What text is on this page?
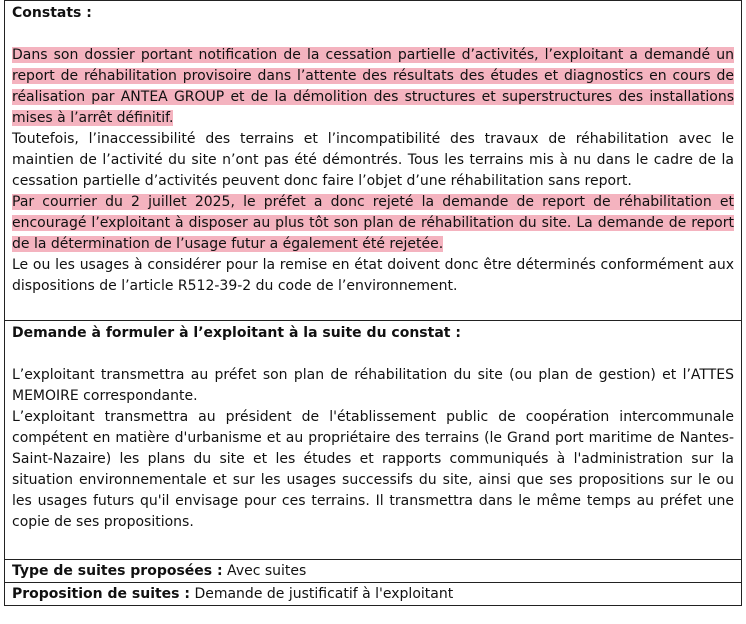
Constats :

Dans son dossier portant notification de la cessation partielle d’activités, l’exploitant a demandé un report de réhabilitation provisoire dans l’attente des résultats des études et diagnostics en cours de réalisation par ANTEA GROUP et de la démolition des structures et superstructures des installations mises à l’arrêt définitif.

Toutefois, l’inaccessibilité des terrains et l’incompatibilité des travaux de réhabilitation avec le maintien de l’activité du site n’ont pas été démontrés. Tous les terrains mis à nu dans le cadre de la cessation partielle d’activités peuvent donc faire l’objet d’une réhabilitation sans report.

Par courrier du 2 juillet 2025, le préfet a donc rejeté la demande de report de réhabilitation et encouragé l’exploitant à disposer au plus tôt son plan de réhabilitation du site. La demande de report de la détermination de l’usage futur a également été rejetée.

Le ou les usages à considérer pour la remise en état doivent donc être déterminés conformément aux dispositions de l’article R512-39-2 du code de l’environnement.

Demande à formuler à l’exploitant à la suite du constat :

L’exploitant transmettra au préfet son plan de réhabilitation du site (ou plan de gestion) et l’ATTES MEMOIRE correspondante.

L’exploitant transmettra au président de l'établissement public de coopération intercommunale compétent en matière d'urbanisme et au propriétaire des terrains (le Grand port maritime de Nantes-Saint-Nazaire) les plans du site et les études et rapports communiqués à l'administration sur la situation environnementale et sur les usages successifs du site, ainsi que ses propositions sur le ou les usages futurs qu'il envisage pour ces terrains. Il transmettra dans le même temps au préfet une copie de ses propositions.

Type de suites proposées : Avec suites
Proposition de suites : Demande de justificatif à l'exploitant
